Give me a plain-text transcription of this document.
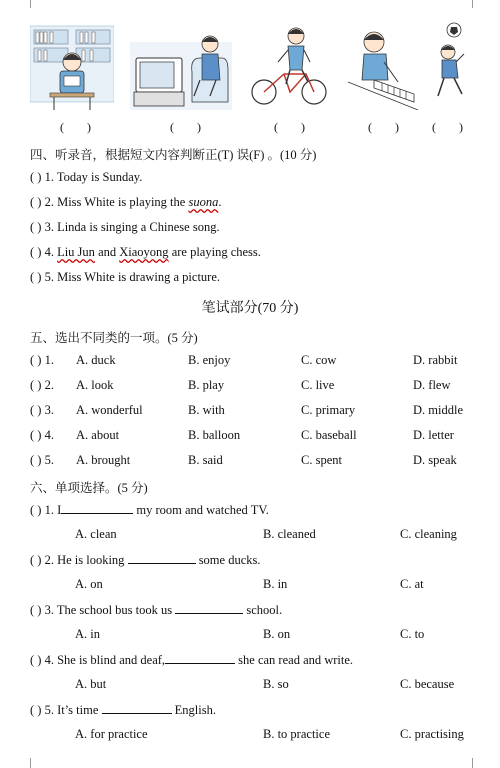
( )	( )	( )	( ) ( )
四、听录音，根据短文内容判断正(T) 误(F) 。(10 分)
( ) 1. Today is Sunday.
( ) 2. Miss White is playing the suona.
( ) 3. Linda is singing a Chinese song.
( ) 4. Liu Jun and Xiaoyong are playing chess.
( ) 5. Miss White is drawing a picture.
笔试部分(70 分)
五、选出不同类的一项。(5 分)
( ) 1. A. duck	B. enjoy	C. cow	D. rabbit
( ) 2. A. look	B. play	C. live	D. flew
( ) 3. A. wonderful	B. with	C. primary	D. middle
( ) 4. A. about	B. balloon	C. baseball	D. letter
( ) 5. A. brought	B. said	C. spent	D. speak
六、单项选择。(5 分)
( ) 1. I	my room and watched TV.
A. clean	B. cleaned	C. cleaning
( ) 2. He is looking	some ducks.
A. on	B. in	C. at
( ) 3. The school bus took us	school.
A. in	B. on	C. to
( ) 4. She is blind and deaf,	she can read and write.
A. but	B. so	C. because
( ) 5. It’s time	English.
A. for practice	B. to practice	C. practising
